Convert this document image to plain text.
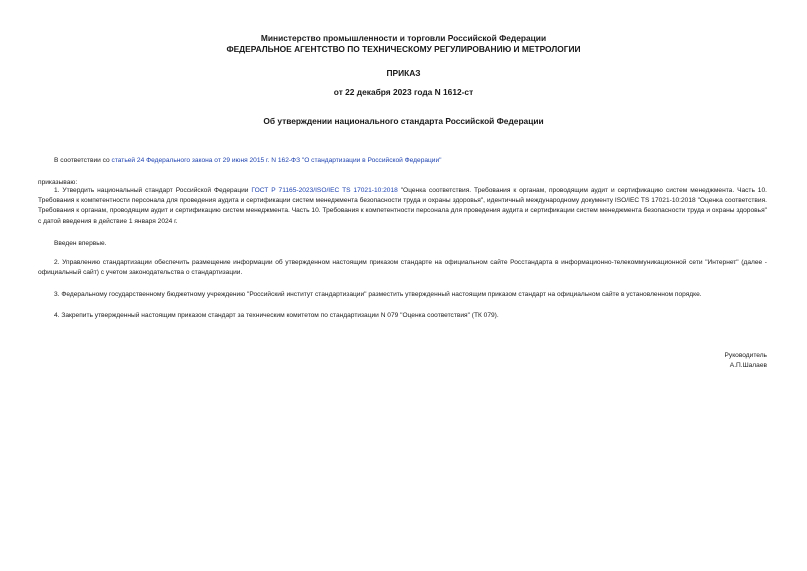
Министерство промышленности и торговли Российской Федерации
ФЕДЕРАЛЬНОЕ АГЕНТСТВО ПО ТЕХНИЧЕСКОМУ РЕГУЛИРОВАНИЮ И МЕТРОЛОГИИ
ПРИКАЗ
от 22 декабря 2023 года N 1612-ст
Об утверждении национального стандарта Российской Федерации
В соответствии со статьей 24 Федерального закона от 29 июня 2015 г. N 162-ФЗ "О стандартизации в Российской Федерации"
приказываю:
1. Утвердить национальный стандарт Российской Федерации ГОСТ Р 71165-2023/ISO/IEC TS 17021-10:2018 "Оценка соответствия. Требования к органам, проводящим аудит и сертификацию систем менеджмента. Часть 10. Требования к компетентности персонала для проведения аудита и сертификации систем менеджмента безопасности труда и охраны здоровья", идентичный международному документу ISO/IEC TS 17021-10:2018 "Оценка соответствия. Требования к органам, проводящим аудит и сертификацию систем менеджмента. Часть 10. Требования к компетентности персонала для проведения аудита и сертификации систем менеджмента безопасности труда и охраны здоровья" с датой введения в действие 1 января 2024 г.
Введен впервые.
2. Управлению стандартизации обеспечить размещение информации об утвержденном настоящим приказом стандарте на официальном сайте Росстандарта в информационно-телекоммуникационной сети "Интернет" (далее - официальный сайт) с учетом законодательства о стандартизации.
3. Федеральному государственному бюджетному учреждению "Российский институт стандартизации" разместить утвержденный настоящим приказом стандарт на официальном сайте в установленном порядке.
4. Закрепить утвержденный настоящим приказом стандарт за техническим комитетом по стандартизации N 079 "Оценка соответствия" (ТК 079).
Руководитель
А.П.Шалаев
